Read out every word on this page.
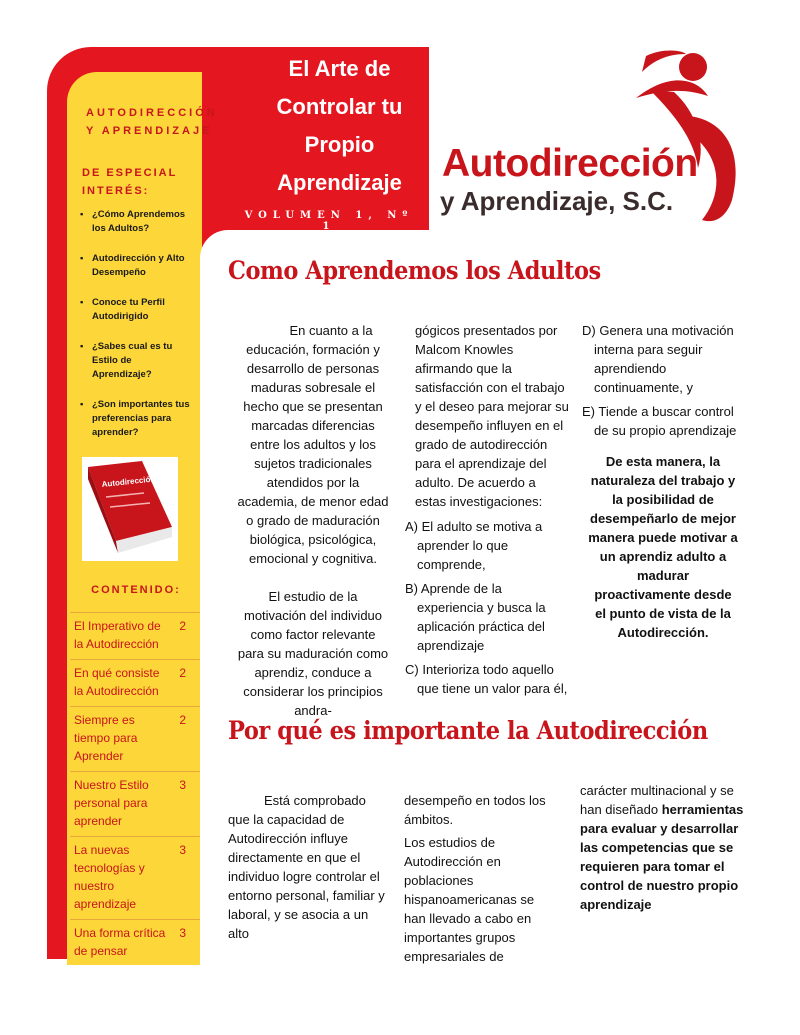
El Arte de
Controlar tu
Propio
Aprendizaje
VOLUMEN 1, Nº 1
Autodirección
y Aprendizaje, S.C.
AUTODIRECCIÓN
Y APRENDIZAJE
DE ESPECIAL
INTERÉS:
• ¿Cómo Aprendemos los Adultos?
• Autodirección y Alto Desempeño
• Conoce tu Perfil Autodirigido
• ¿Sabes cual es tu Estilo de Aprendizaje?
• ¿Son importantes tus preferencias para aprender?
Autodirección
CONTENIDO:
El Imperativo de la Autodirección
2
En qué consiste la Autodirección
2
Siempre es tiempo para Aprender
2
Nuestro Estilo personal para aprender
3
La nuevas tecnologías y nuestro aprendizaje
3
Una forma crítica de pensar
3
Como Aprendemos los Adultos

En cuanto a la educación, formación y desarrollo de personas maduras sobresale el hecho que se presentan marcadas diferencias entre los adultos y los sujetos tradicionales atendidos por la academia, de menor edad o grado de maduración biológica, psicológica, emocional y cognitiva.

El estudio de la motivación del individuo como factor relevante para su maduración como aprendiz, conduce a considerar los principios andra-

gógicos presentados por Malcom Knowles afirmando que la satisfacción con el trabajo y el deseo para mejorar su desempeño influyen en el grado de autodirección para el aprendizaje del adulto. De acuerdo a estas investigaciones:

A) El adulto se motiva a aprender lo que comprende,

B) Aprende de la experiencia y busca la aplicación práctica del aprendizaje

C) Interioriza todo aquello que tiene un valor para él,

D) Genera una motivación interna para seguir aprendiendo continuamente, y

E) Tiende a buscar control de su propio aprendizaje

De esta manera, la naturaleza del trabajo y la posibilidad de desempeñarlo de mejor manera puede motivar a un aprendiz adulto a madurar proactivamente desde el punto de vista de la Autodirección.

Por qué es importante la Autodirección

Está comprobado que la capacidad de Autodirección influye directamente en que el individuo logre controlar el entorno personal, familiar y laboral, y se asocia a un alto

desempeño en todos los ámbitos.

Los estudios de Autodirección en poblaciones hispanoamericanas se han llevado a cabo en importantes grupos empresariales de

carácter multinacional y se han diseñado herramientas para evaluar y desarrollar las competencias que se requieren para tomar el control de nuestro propio aprendizaje
